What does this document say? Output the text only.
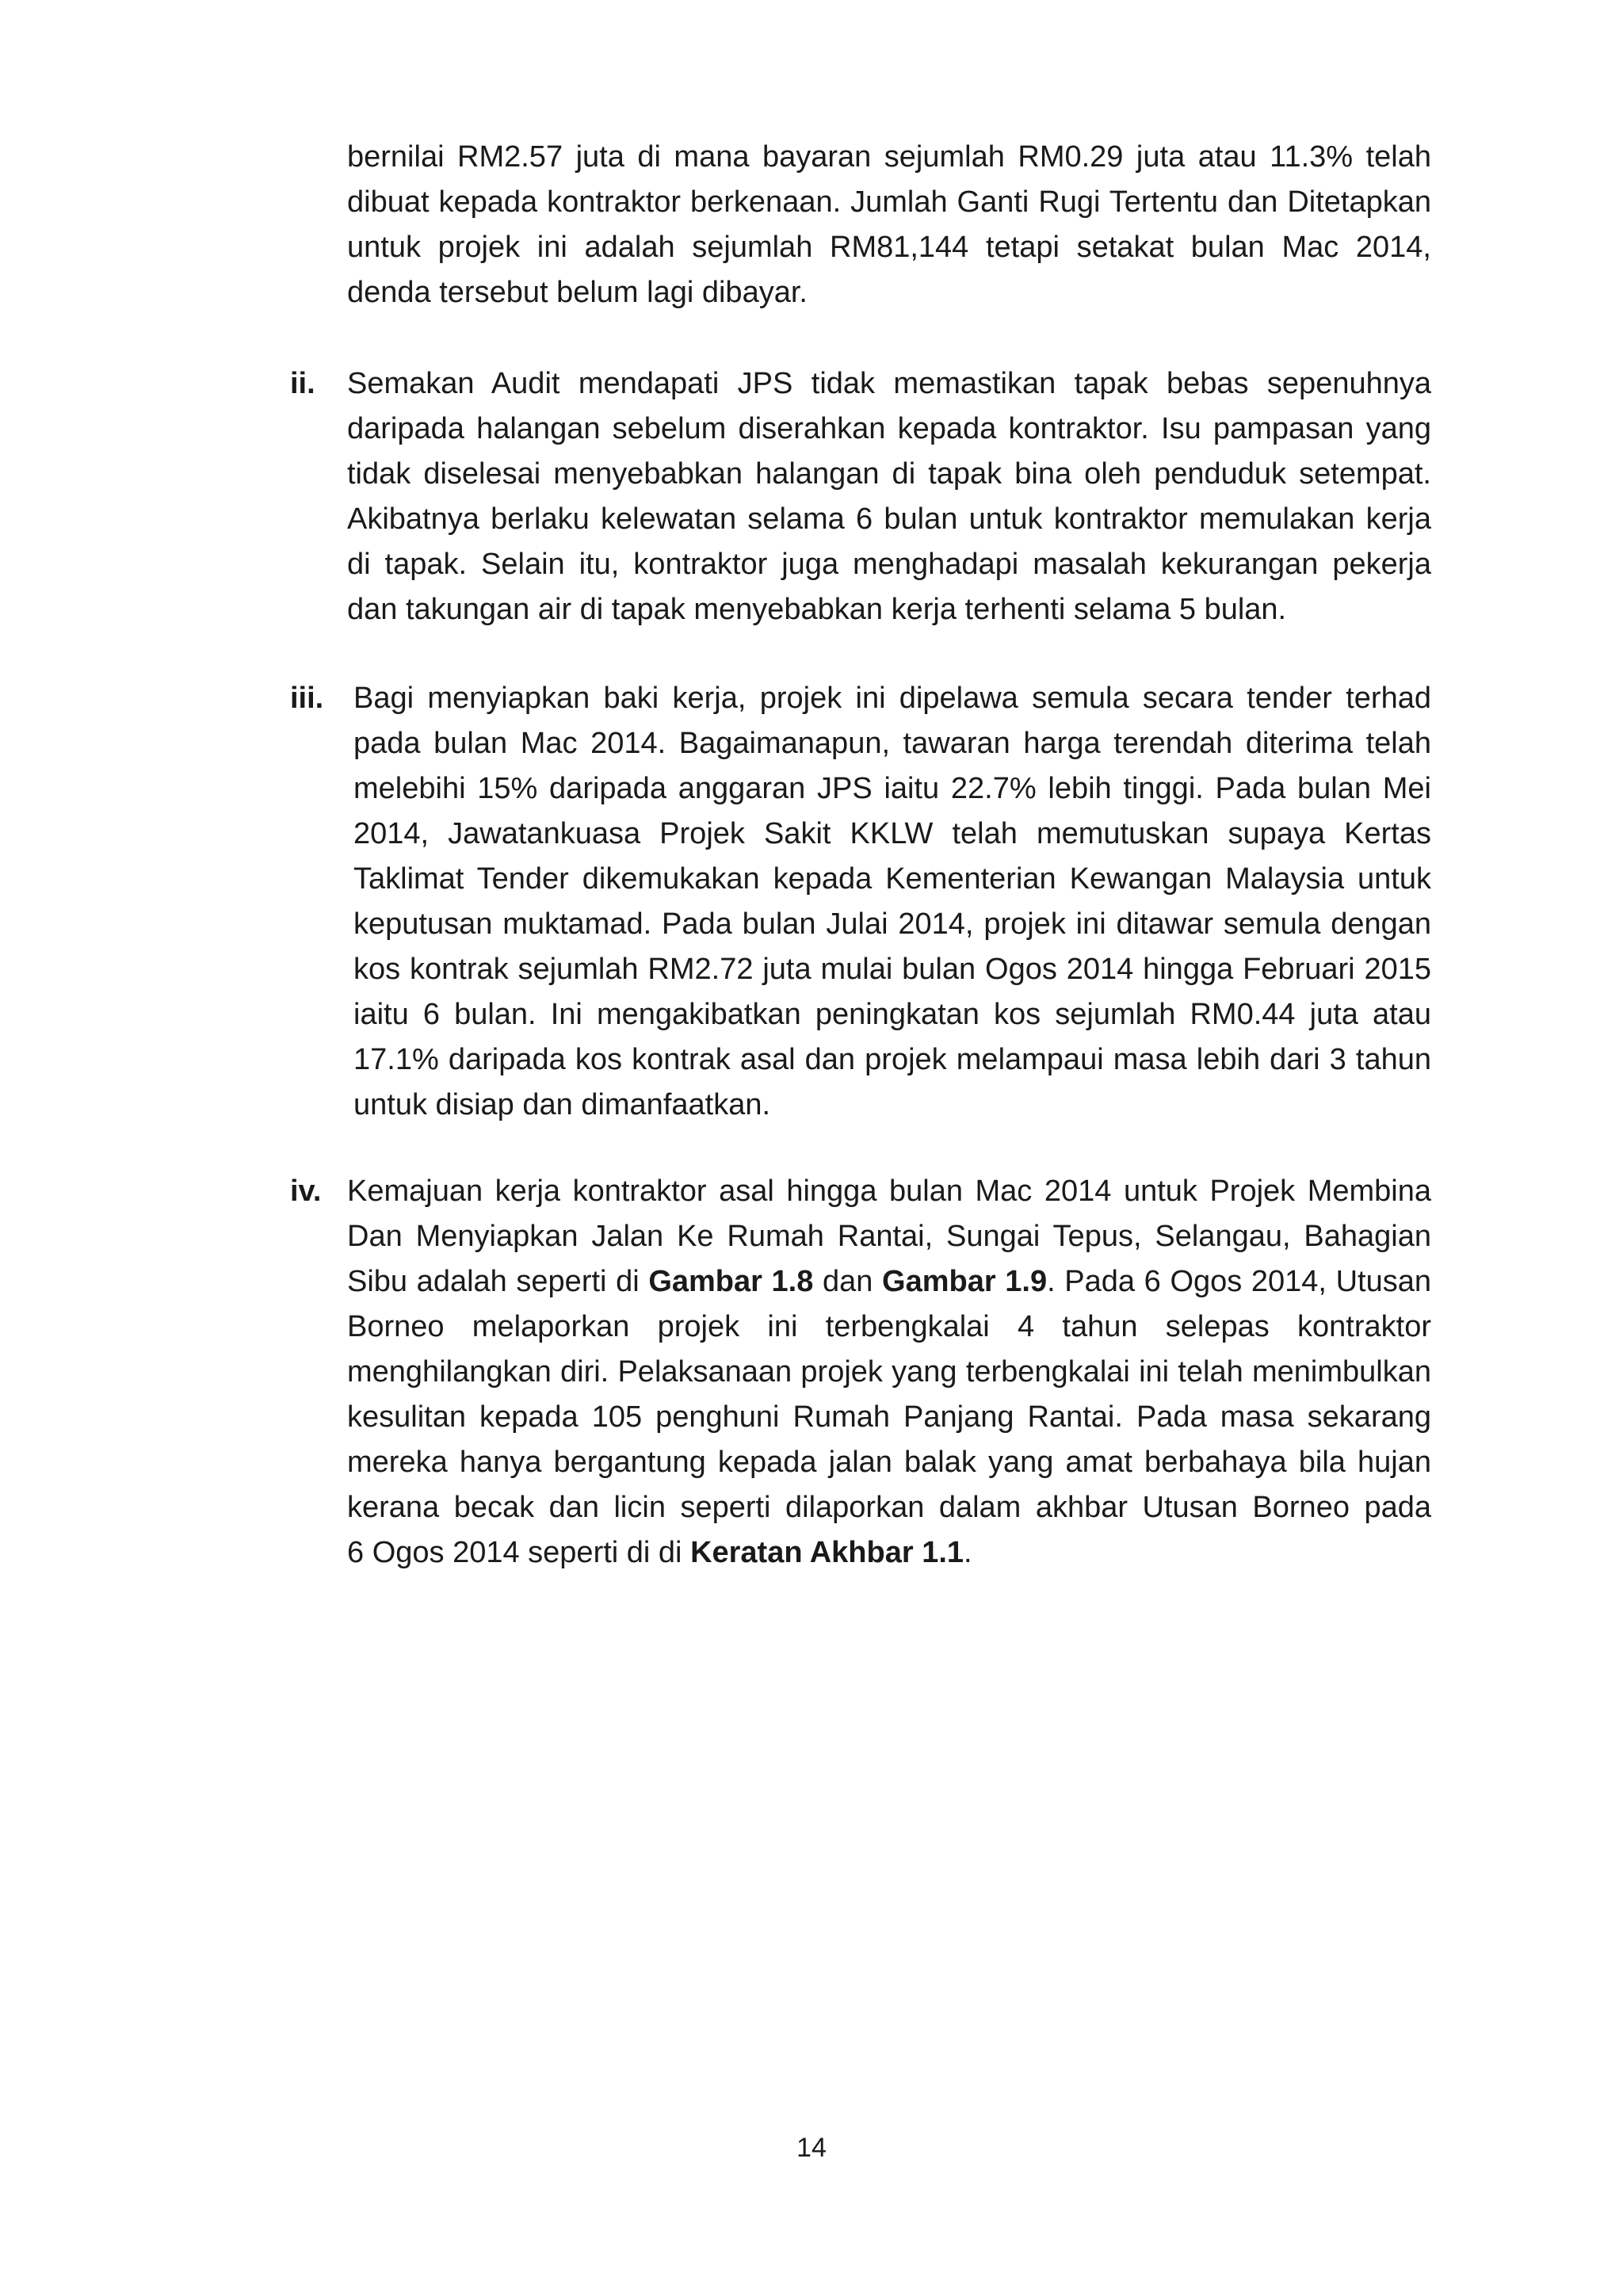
bernilai RM2.57 juta di mana bayaran sejumlah RM0.29 juta atau 11.3% telah
dibuat kepada kontraktor berkenaan. Jumlah Ganti Rugi Tertentu dan Ditetapkan
untuk projek ini adalah sejumlah RM81,144 tetapi setakat bulan Mac 2014,
denda tersebut belum lagi dibayar.
ii. Semakan Audit mendapati JPS tidak memastikan tapak bebas sepenuhnya
daripada halangan sebelum diserahkan kepada kontraktor. Isu pampasan yang
tidak diselesai menyebabkan halangan di tapak bina oleh penduduk setempat.
Akibatnya berlaku kelewatan selama 6 bulan untuk kontraktor memulakan kerja
di tapak. Selain itu, kontraktor juga menghadapi masalah kekurangan pekerja
dan takungan air di tapak menyebabkan kerja terhenti selama 5 bulan.
iii. Bagi menyiapkan baki kerja, projek ini dipelawa semula secara tender terhad
pada bulan Mac 2014. Bagaimanapun, tawaran harga terendah diterima telah
melebihi 15% daripada anggaran JPS iaitu 22.7% lebih tinggi. Pada bulan Mei
2014, Jawatankuasa Projek Sakit KKLW telah memutuskan supaya Kertas
Taklimat Tender dikemukakan kepada Kementerian Kewangan Malaysia untuk
keputusan muktamad. Pada bulan Julai 2014, projek ini ditawar semula dengan
kos kontrak sejumlah RM2.72 juta mulai bulan Ogos 2014 hingga Februari 2015
iaitu 6 bulan. Ini mengakibatkan peningkatan kos sejumlah RM0.44 juta atau
17.1% daripada kos kontrak asal dan projek melampaui masa lebih dari 3 tahun
untuk disiap dan dimanfaatkan.
iv. Kemajuan kerja kontraktor asal hingga bulan Mac 2014 untuk Projek Membina
Dan Menyiapkan Jalan Ke Rumah Rantai, Sungai Tepus, Selangau, Bahagian
Sibu adalah seperti di Gambar 1.8 dan Gambar 1.9. Pada 6 Ogos 2014, Utusan
Borneo melaporkan projek ini terbengkalai 4 tahun selepas kontraktor
menghilangkan diri. Pelaksanaan projek yang terbengkalai ini telah menimbulkan
kesulitan kepada 105 penghuni Rumah Panjang Rantai. Pada masa sekarang
mereka hanya bergantung kepada jalan balak yang amat berbahaya bila hujan
kerana becak dan licin seperti dilaporkan dalam akhbar Utusan Borneo pada
6 Ogos 2014 seperti di di Keratan Akhbar 1.1.
14
